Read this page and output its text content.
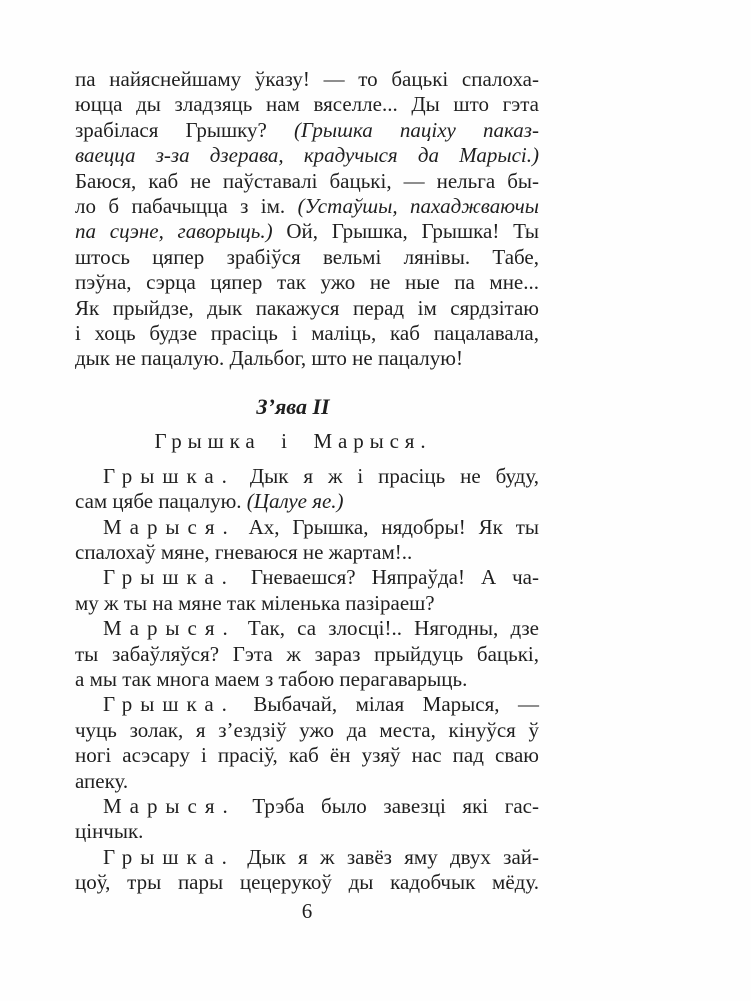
па найяснейшаму ўказу! — то бацькі спалоха-
юцца ды зладзяць нам вяселле... Ды што гэта
зрабілася Грышку? (Грышка паціху паказ-
ваецца з-за дзерава, крадучыся да Марысі.)
Баюся, каб не паўставалі бацькі, — нельга бы-
ло б пабачыцца з ім. (Устаўшы, пахаджваючы
па сцэне, гаворыць.) Ой, Грышка, Грышка! Ты
штось цяпер зрабіўся вельмі лянівы. Табе,
пэўна, сэрца цяпер так ужо не ные па мне...
Як прыйдзе, дык пакажуся перад ім сярдзітаю
і хоць будзе прасіць і маліць, каб пацалавала,
дык не пацалую. Дальбог, што не пацалую!
З’ява II
Грышка і Марыся.
Грышка. Дык я ж і прасіць не буду,
сам цябе пацалую. (Цалуе яе.)
Марыся. Ах, Грышка, нядобры! Як ты
спалохаў мяне, гневаюся не жартам!..
Грышка. Гневаешся? Няпраўда! А ча-
му ж ты на мяне так міленька пазіраеш?
Марыся. Так, са злосці!.. Нягодны, дзе
ты забаўляўся? Гэта ж зараз прыйдуць бацькі,
а мы так многа маем з табою перагаварыць.
Грышка. Выбачай, мілая Марыся, —
чуць золак, я з’ездзіў ужо да места, кінуўся ў
ногі асэсару і прасіў, каб ён узяў нас пад сваю
апеку.
Марыся. Трэба было завезці які гас-
цінчык.
Грышка. Дык я ж завёз яму двух зай-
цоў, тры пары цецерукоў ды кадобчык мёду.
6
